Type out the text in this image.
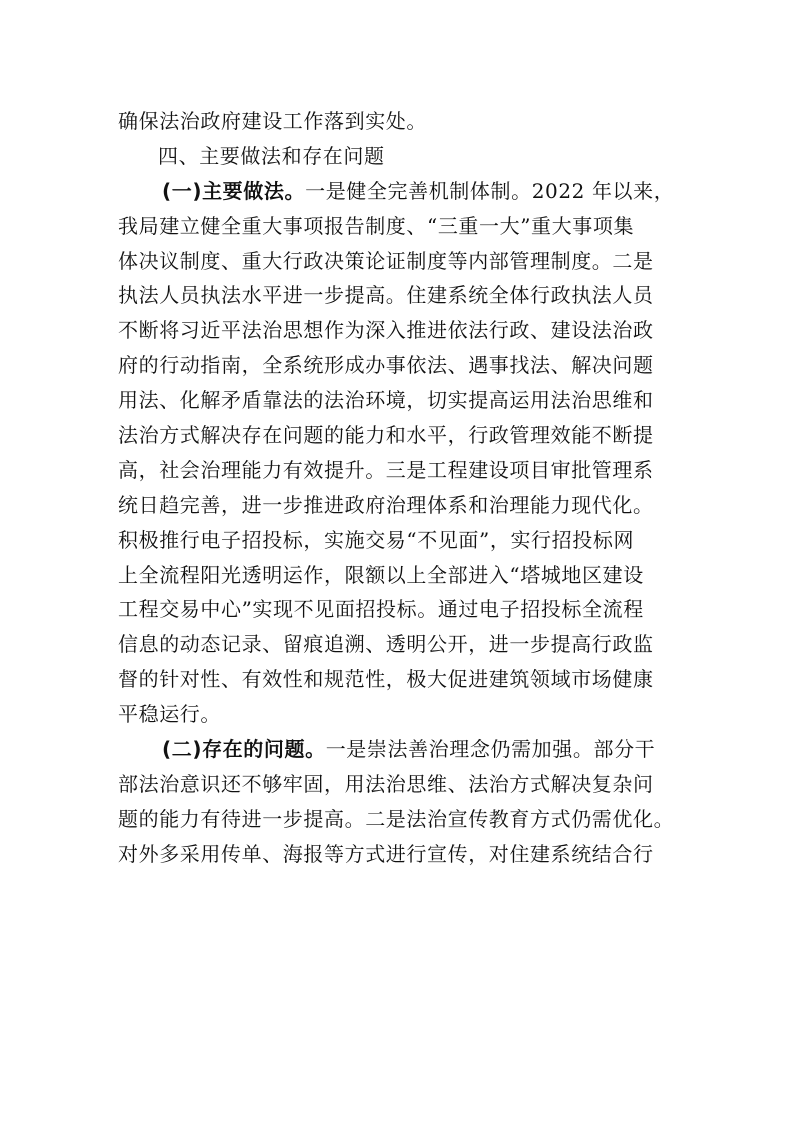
确保法治政府建设工作落到实处。
四、主要做法和存在问题
(一)主要做法。一是健全完善机制体制。2022 年以来，
我局建立健全重大事项报告制度、“三重一大”重大事项集
体决议制度、重大行政决策论证制度等内部管理制度。二是
执法人员执法水平进一步提高。住建系统全体行政执法人员
不断将习近平法治思想作为深入推进依法行政、建设法治政
府的行动指南，全系统形成办事依法、遇事找法、解决问题
用法、化解矛盾靠法的法治环境，切实提高运用法治思维和
法治方式解决存在问题的能力和水平，行政管理效能不断提
高，社会治理能力有效提升。三是工程建设项目审批管理系
统日趋完善，进一步推进政府治理体系和治理能力现代化。
积极推行电子招投标，实施交易“不见面”，实行招投标网
上全流程阳光透明运作，限额以上全部进入“塔城地区建设
工程交易中心”实现不见面招投标。通过电子招投标全流程
信息的动态记录、留痕追溯、透明公开，进一步提高行政监
督的针对性、有效性和规范性，极大促进建筑领域市场健康
平稳运行。
(二)存在的问题。一是崇法善治理念仍需加强。部分干
部法治意识还不够牢固，用法治思维、法治方式解决复杂问
题的能力有待进一步提高。二是法治宣传教育方式仍需优化。
对外多采用传单、海报等方式进行宣传，对住建系统结合行
